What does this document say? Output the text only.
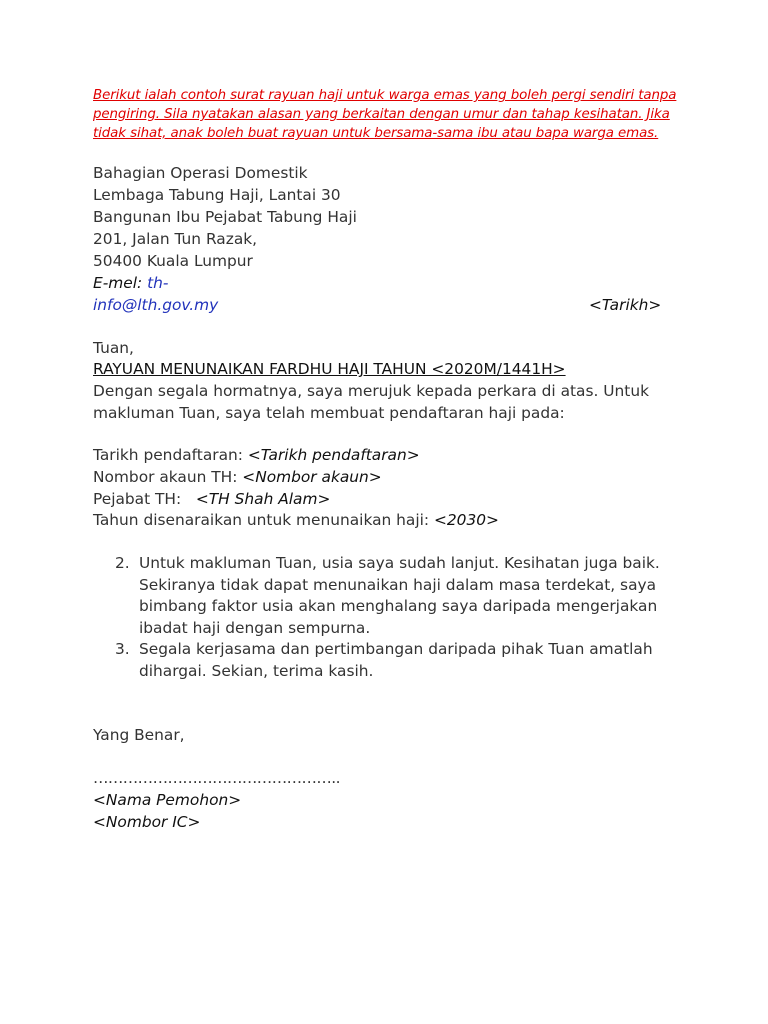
Berikut ialah contoh surat rayuan haji untuk warga emas yang boleh pergi sendiri tanpa
pengiring. Sila nyatakan alasan yang berkaitan dengan umur dan tahap kesihatan. Jika
tidak sihat, anak boleh buat rayuan untuk bersama-sama ibu atau bapa warga emas.
Bahagian Operasi Domestik
Lembaga Tabung Haji, Lantai 30
Bangunan Ibu Pejabat Tabung Haji
201, Jalan Tun Razak,
50400 Kuala Lumpur
E-mel: th-
info@lth.gov.my	<Tarikh>
Tuan,
RAYUAN MENUNAIKAN FARDHU HAJI TAHUN <2020M/1441H>
Dengan segala hormatnya, saya merujuk kepada perkara di atas. Untuk
makluman Tuan, saya telah membuat pendaftaran haji pada:
Tarikh pendaftaran: <Tarikh pendaftaran>
Nombor akaun TH: <Nombor akaun>
Pejabat TH:   <TH Shah Alam>
Tahun disenaraikan untuk menunaikan haji: <2030>
2. Untuk makluman Tuan, usia saya sudah lanjut. Kesihatan juga baik.
Sekiranya tidak dapat menunaikan haji dalam masa terdekat, saya
bimbang faktor usia akan menghalang saya daripada mengerjakan
ibadat haji dengan sempurna.
3. Segala kerjasama dan pertimbangan daripada pihak Tuan amatlah
dihargai. Sekian, terima kasih.
Yang Benar,
…………………………………………..
<Nama Pemohon>
<Nombor IC>
